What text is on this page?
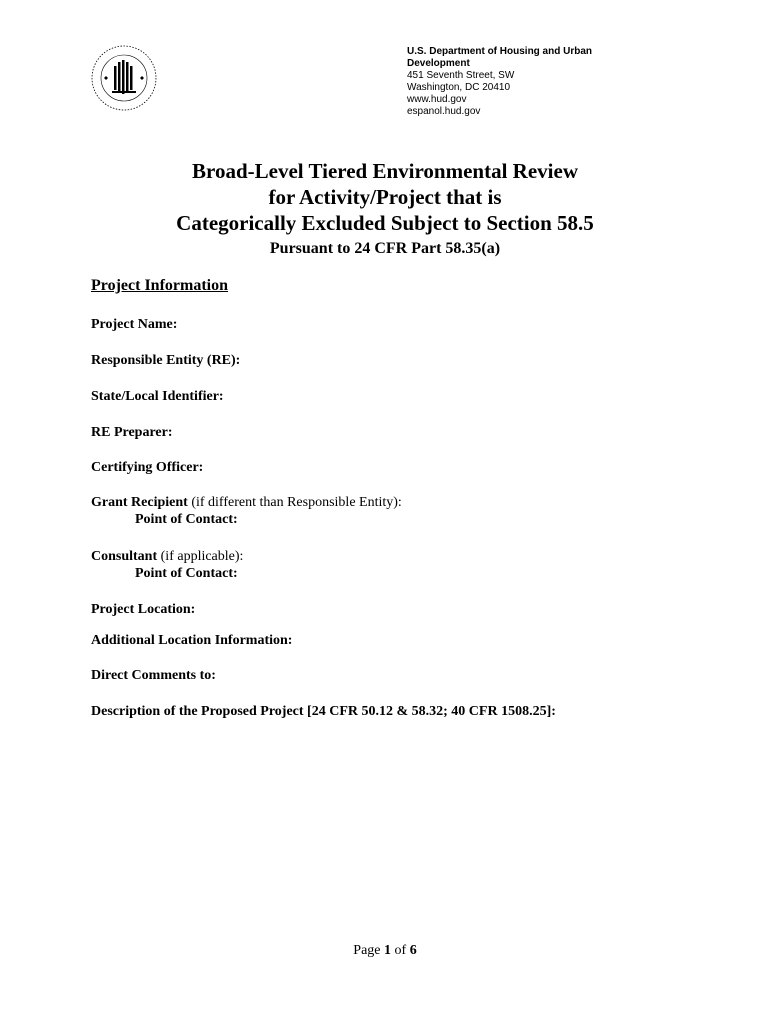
U.S. Department of Housing and Urban
Development
451 Seventh Street, SW
Washington, DC 20410
www.hud.gov
espanol.hud.gov
Broad-Level Tiered Environmental Review
for Activity/Project that is
Categorically Excluded Subject to Section 58.5
Pursuant to 24 CFR Part 58.35(a)
Project Information
Project Name:
Responsible Entity (RE):
State/Local Identifier:
RE Preparer:
Certifying Officer:
Grant Recipient (if different than Responsible Entity):
Point of Contact:
Consultant (if applicable):
Point of Contact:
Project Location:
Additional Location Information:
Direct Comments to:
Description of the Proposed Project [24 CFR 50.12 & 58.32; 40 CFR 1508.25]:
Page 1 of 6
